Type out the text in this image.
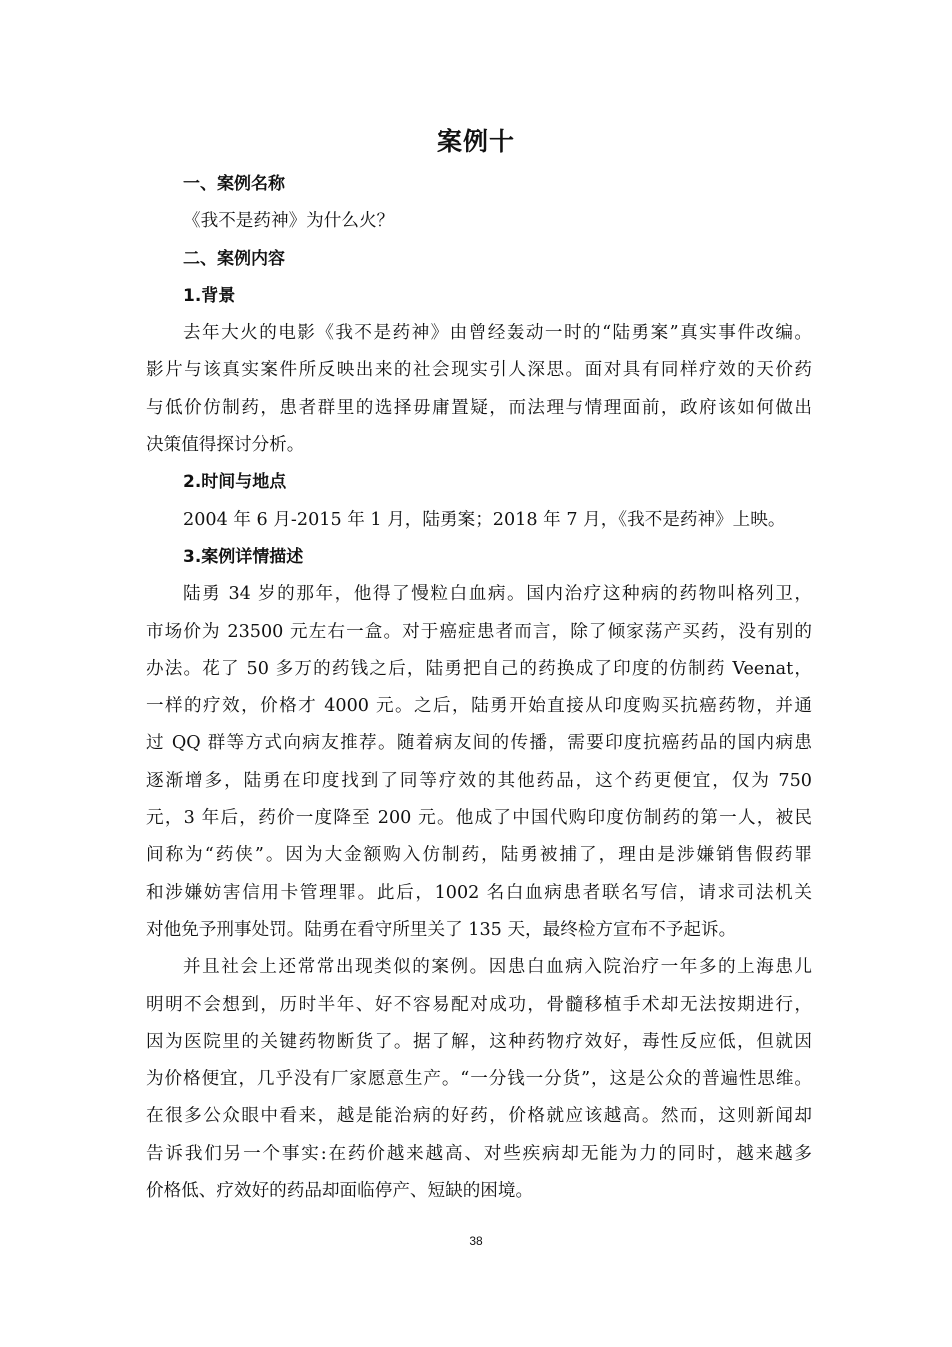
案例十
一、案例名称
《我不是药神》为什么火？
二、案例内容
1.背景
去年大火的电影《我不是药神》由曾经轰动一时的“陆勇案”真实事件改编。
影片与该真实案件所反映出来的社会现实引人深思。面对具有同样疗效的天价药
与低价仿制药，患者群里的选择毋庸置疑，而法理与情理面前，政府该如何做出
决策值得探讨分析。
2.时间与地点
2004 年 6 月-2015 年 1 月，陆勇案；2018 年 7 月，《我不是药神》上映。
3.案例详情描述
陆勇 34 岁的那年，他得了慢粒白血病。国内治疗这种病的药物叫格列卫，
市场价为 23500 元左右一盒。对于癌症患者而言，除了倾家荡产买药，没有别的
办法。花了 50 多万的药钱之后，陆勇把自己的药换成了印度的仿制药 Veenat，
一样的疗效，价格才 4000 元。之后，陆勇开始直接从印度购买抗癌药物，并通
过 QQ 群等方式向病友推荐。随着病友间的传播，需要印度抗癌药品的国内病患
逐渐增多，陆勇在印度找到了同等疗效的其他药品，这个药更便宜，仅为 750
元，3 年后，药价一度降至 200 元。他成了中国代购印度仿制药的第一人，被民
间称为“药侠”。因为大金额购入仿制药，陆勇被捕了，理由是涉嫌销售假药罪
和涉嫌妨害信用卡管理罪。此后，1002 名白血病患者联名写信，请求司法机关
对他免予刑事处罚。陆勇在看守所里关了 135 天，最终检方宣布不予起诉。
并且社会上还常常出现类似的案例。因患白血病入院治疗一年多的上海患儿
明明不会想到，历时半年、好不容易配对成功，骨髓移植手术却无法按期进行，
因为医院里的关键药物断货了。据了解，这种药物疗效好，毒性反应低，但就因
为价格便宜，几乎没有厂家愿意生产。“一分钱一分货”，这是公众的普遍性思维。
在很多公众眼中看来，越是能治病的好药，价格就应该越高。然而，这则新闻却
告诉我们另一个事实:在药价越来越高、对些疾病却无能为力的同时，越来越多
价格低、疗效好的药品却面临停产、短缺的困境。
38
